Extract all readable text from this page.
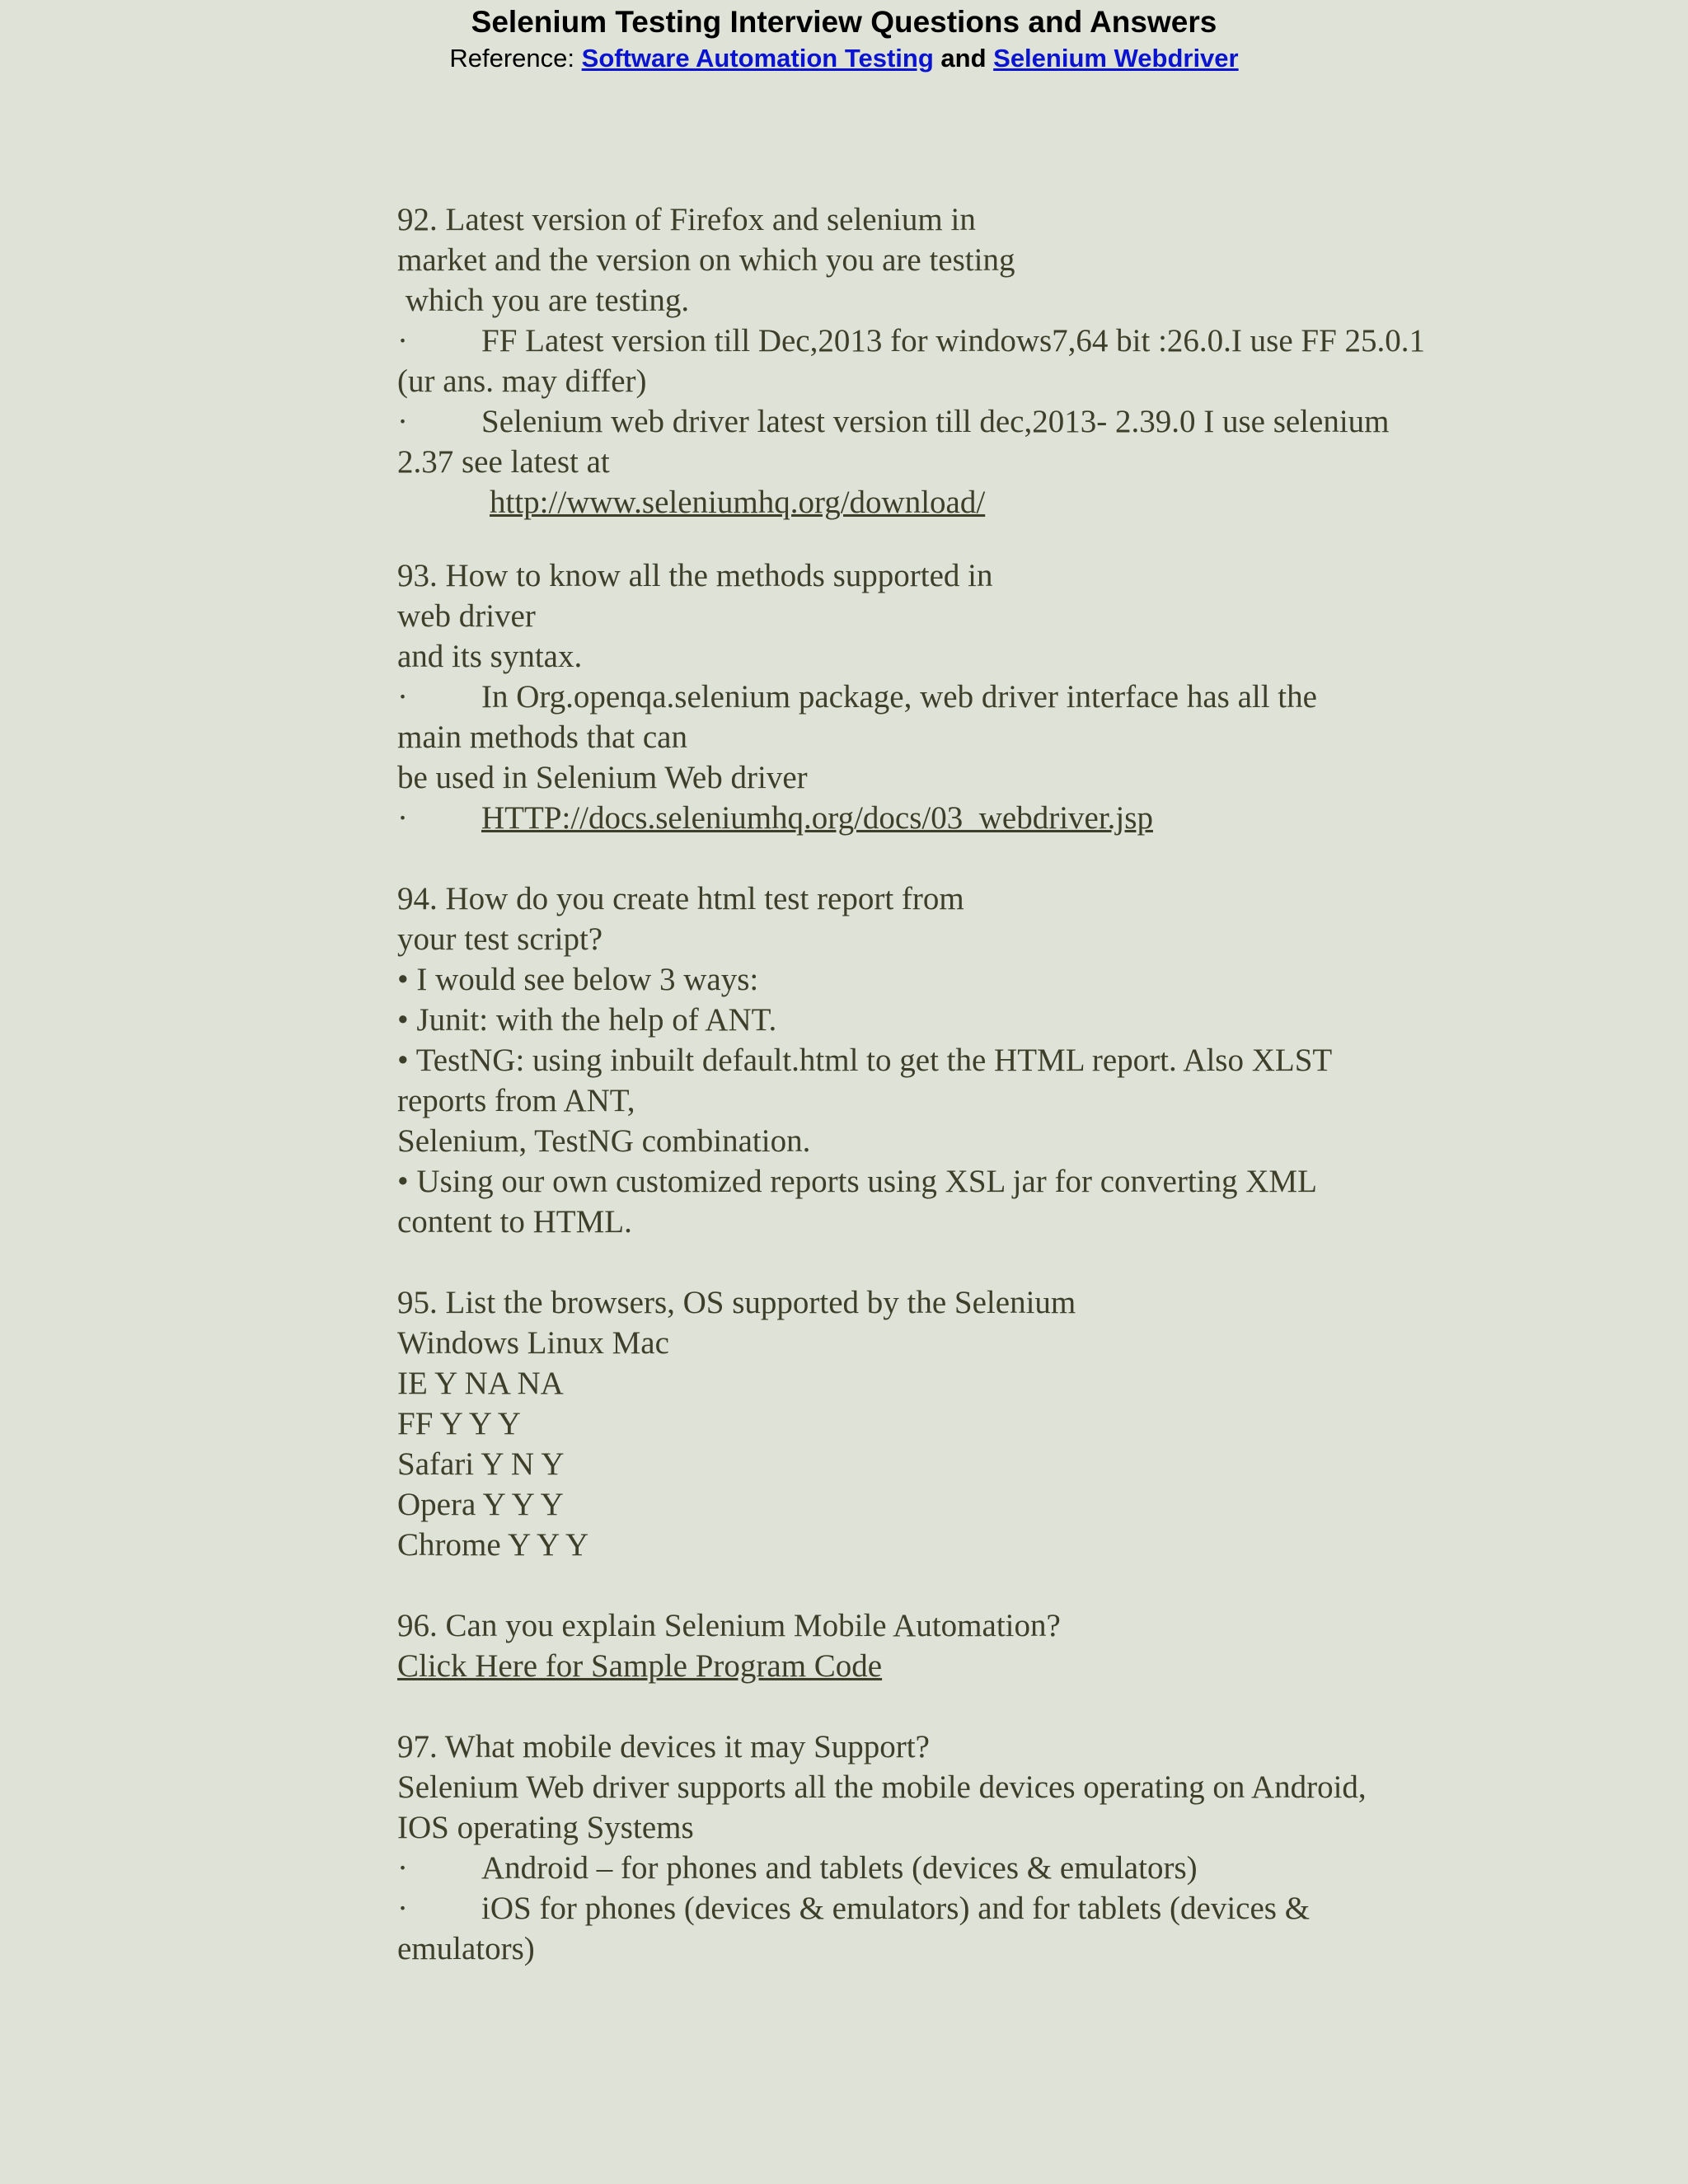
Selenium Testing Interview Questions and Answers
Reference: Software Automation Testing and Selenium Webdriver
92. Latest version of Firefox and selenium in
market and the version on which you are testing
which you are testing.
· FF Latest version till Dec,2013 for windows7,64 bit :26.0.I use FF 25.0.1
(ur ans. may differ)
· Selenium web driver latest version till dec,2013- 2.39.0 I use selenium
2.37 see latest at
http://www.seleniumhq.org/download/
93. How to know all the methods supported in
web driver
and its syntax.
· In Org.openqa.selenium package, web driver interface has all the
main methods that can
be used in Selenium Web driver
· HTTP://docs.seleniumhq.org/docs/03_webdriver.jsp
94. How do you create html test report from
your test script?
• I would see below 3 ways:
• Junit: with the help of ANT.
• TestNG: using inbuilt default.html to get the HTML report. Also XLST
reports from ANT,
Selenium, TestNG combination.
• Using our own customized reports using XSL jar for converting XML
content to HTML.
95. List the browsers, OS supported by the Selenium
Windows Linux Mac
IE Y NA NA
FF Y Y Y
Safari Y N Y
Opera Y Y Y
Chrome Y Y Y
96. Can you explain Selenium Mobile Automation?
Click Here for Sample Program Code
97. What mobile devices it may Support?
Selenium Web driver supports all the mobile devices operating on Android,
IOS operating Systems
· Android – for phones and tablets (devices & emulators)
· iOS for phones (devices & emulators) and for tablets (devices &
emulators)
